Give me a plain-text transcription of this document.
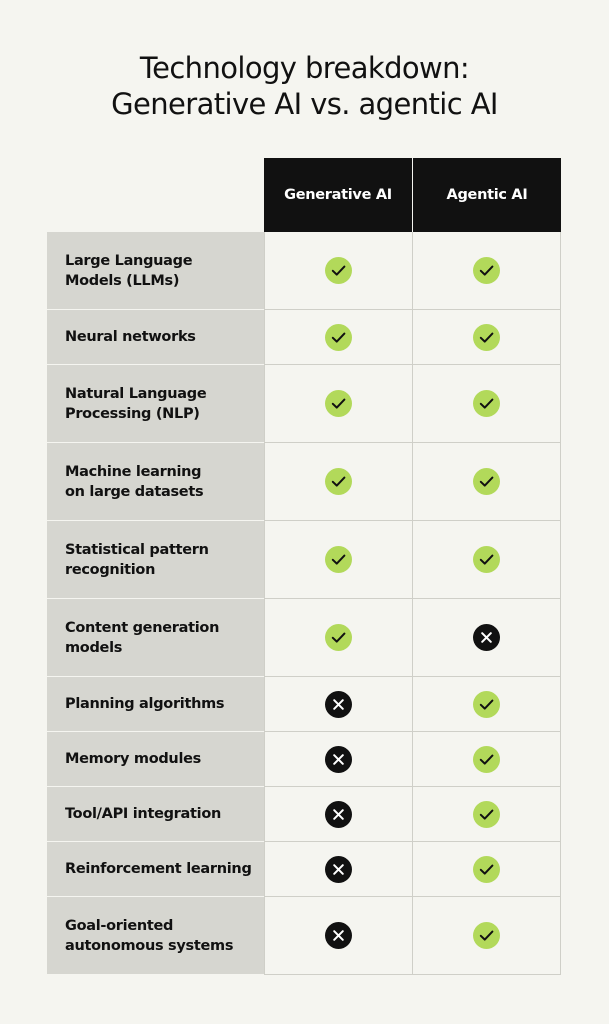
Technology breakdown:
Generative AI vs. agentic AI
Generative AI	Agentic AI
Large Language
Models (LLMs)
Neural networks
Natural Language
Processing (NLP)
Machine learning
on large datasets
Statistical pattern
recognition
Content generation
models
Planning algorithms
Memory modules
Tool/API integration
Reinforcement learning
Goal-oriented
autonomous systems
